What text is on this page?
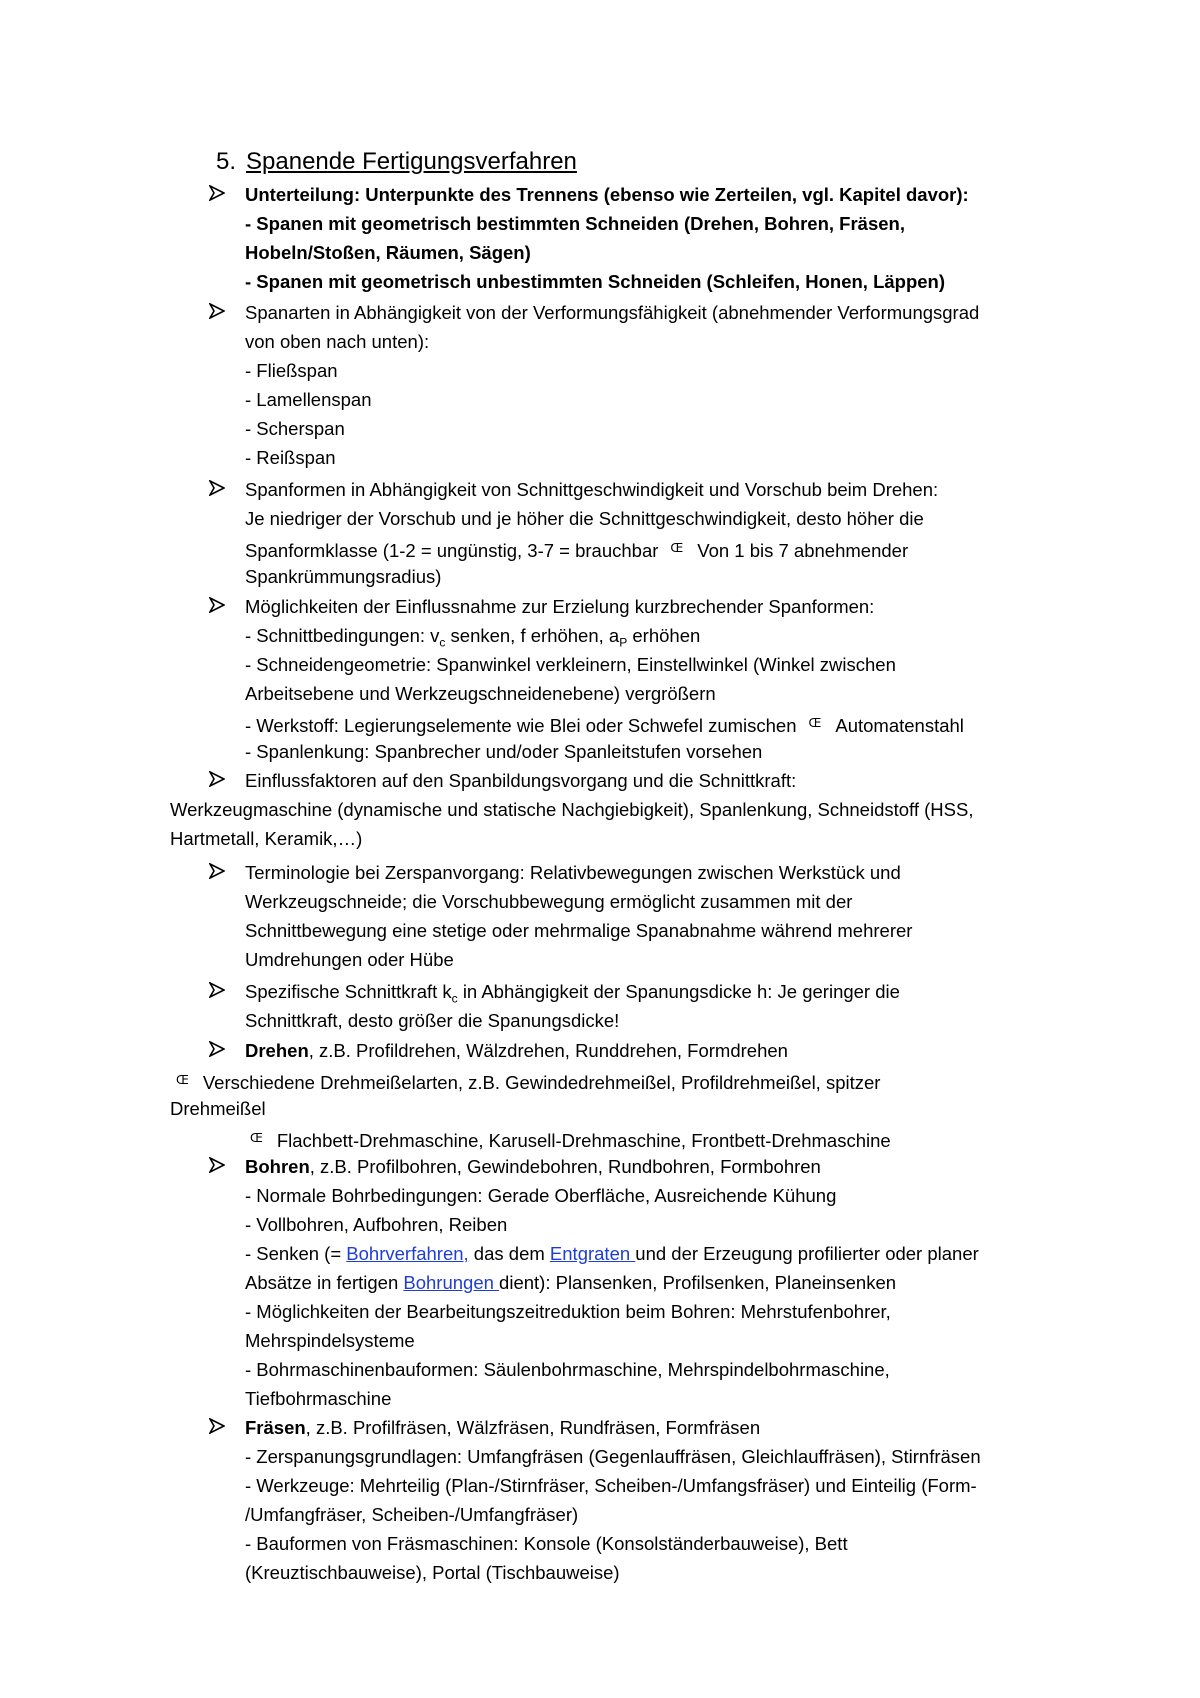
5. Spanende Fertigungsverfahren
Unterteilung: Unterpunkte des Trennens (ebenso wie Zerteilen, vgl. Kapitel davor):
- Spanen mit geometrisch bestimmten Schneiden (Drehen, Bohren, Fräsen,
Hobeln/Stoßen, Räumen, Sägen)
- Spanen mit geometrisch unbestimmten Schneiden (Schleifen, Honen, Läppen)
Spanarten in Abhängigkeit von der Verformungsfähigkeit (abnehmender Verformungsgrad
von oben nach unten):
- Fließspan
- Lamellenspan
- Scherspan
- Reißspan
Spanformen in Abhängigkeit von Schnittgeschwindigkeit und Vorschub beim Drehen:
Je niedriger der Vorschub und je höher die Schnittgeschwindigkeit, desto höher die
Spanformklasse (1-2 = ungünstig, 3-7 = brauchbar $^Œ$ Von 1 bis 7 abnehmender
Spankrümmungsradius)
Möglichkeiten der Einflussnahme zur Erzielung kurzbrechender Spanformen:
- Schnittbedingungen: $v_c$ senken, f erhöhen, $a_P$ erhöhen
- Schneidengeometrie: Spanwinkel verkleinern, Einstellwinkel (Winkel zwischen
Arbeitsebene und Werkzeugschneidenebene) vergrößern
- Werkstoff: Legierungselemente wie Blei oder Schwefel zumischen $^Œ$ Automatenstahl
- Spanlenkung: Spanbrecher und/oder Spanleitstufen vorsehen
Einflussfaktoren auf den Spanbildungsvorgang und die Schnittkraft:
Werkzeugmaschine (dynamische und statische Nachgiebigkeit), Spanlenkung, Schneidstoff (HSS,
Hartmetall, Keramik,…)
Terminologie bei Zerspanvorgang: Relativbewegungen zwischen Werkstück und
Werkzeugschneide; die Vorschubbewegung ermöglicht zusammen mit der
Schnittbewegung eine stetige oder mehrmalige Spanabnahme während mehrerer
Umdrehungen oder Hübe
Spezifische Schnittkraft $k_c$ in Abhängigkeit der Spanungsdicke h: Je geringer die
Schnittkraft, desto größer die Spanungsdicke!
Drehen, z.B. Profildrehen, Wälzdrehen, Runddrehen, Formdrehen
$^Œ$ Verschiedene Drehmeißelarten, z.B. Gewindedrehmeißel, Profildrehmeißel, spitzer
Drehmeißel
$^Œ$ Flachbett-Drehmaschine, Karusell-Drehmaschine, Frontbett-Drehmaschine
Bohren, z.B. Profilbohren, Gewindebohren, Rundbohren, Formbohren
- Normale Bohrbedingungen: Gerade Oberfläche, Ausreichende Kühung
- Vollbohren, Aufbohren, Reiben
- Senken (= Bohrverfahren, das dem Entgraten und der Erzeugung profilierter oder planer
Absätze in fertigen Bohrungen dient): Plansenken, Profilsenken, Planeinsenken
- Möglichkeiten der Bearbeitungszeitreduktion beim Bohren: Mehrstufenbohrer,
Mehrspindelsysteme
- Bohrmaschinenbauformen: Säulenbohrmaschine, Mehrspindelbohrmaschine,
Tiefbohrmaschine
Fräsen, z.B. Profilfräsen, Wälzfräsen, Rundfräsen, Formfräsen
- Zerspanungsgrundlagen: Umfangfräsen (Gegenlauffräsen, Gleichlauffräsen), Stirnfräsen
- Werkzeuge: Mehrteilig (Plan-/Stirnfräser, Scheiben-/Umfangsfräser) und Einteilig (Form-
/Umfangfräser, Scheiben-/Umfangfräser)
- Bauformen von Fräsmaschinen: Konsole (Konsolständerbauweise), Bett
(Kreuztischbauweise), Portal (Tischbauweise)
